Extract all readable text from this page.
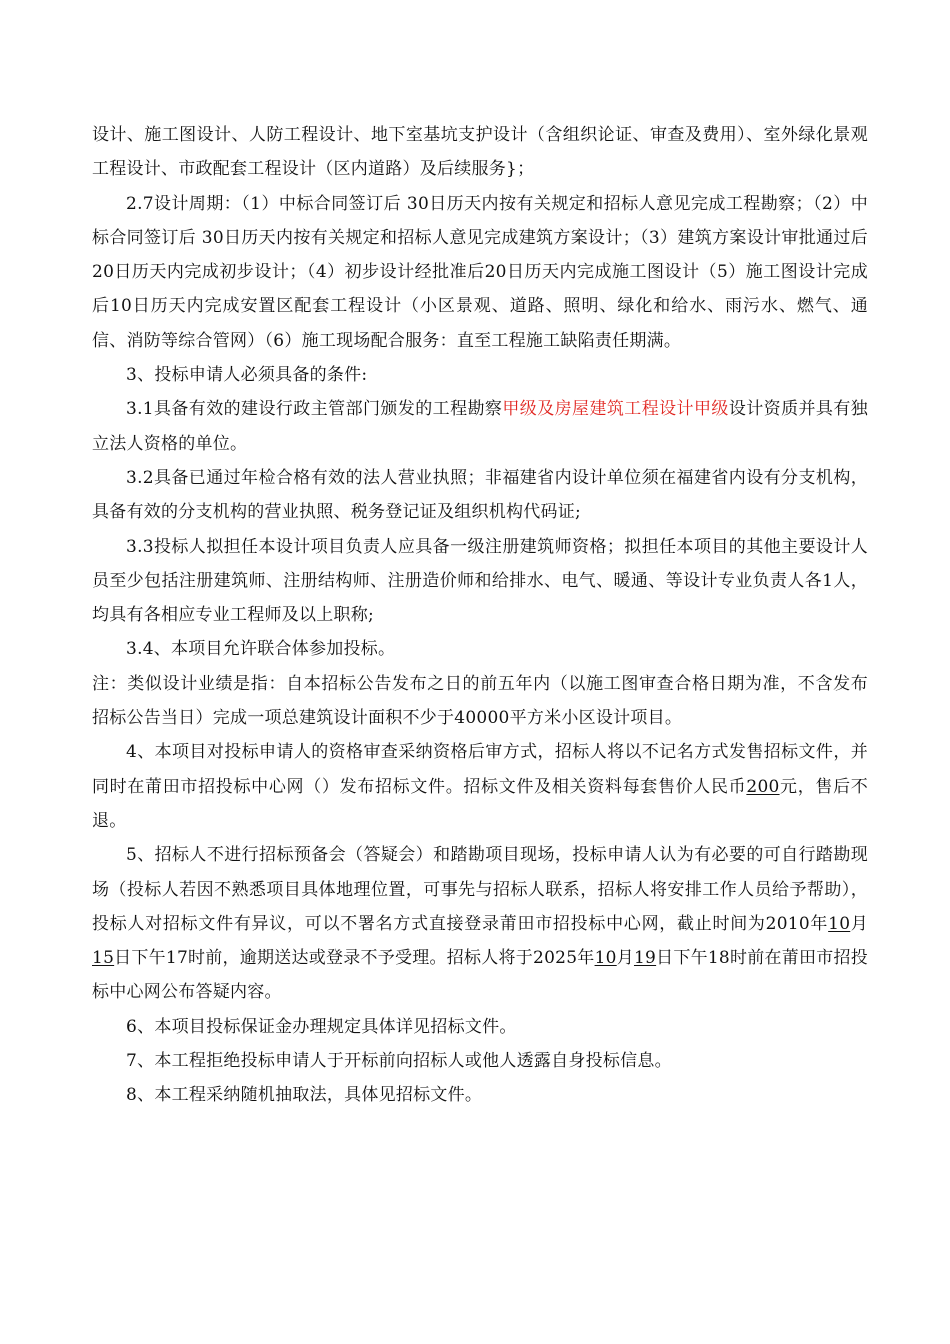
设计、施工图设计、人防工程设计、地下室基坑支护设计（含组织论证、审查及费用）、室外绿化景观工程设计、市政配套工程设计（区内道路）及后续服务}；

2.7设计周期：（1）中标合同签订后 30日历天内按有关规定和招标人意见完成工程勘察；（2）中标合同签订后 30日历天内按有关规定和招标人意见完成建筑方案设计；（3）建筑方案设计审批通过后20日历天内完成初步设计；（4）初步设计经批准后20日历天内完成施工图设计（5）施工图设计完成后10日历天内完成安置区配套工程设计（小区景观、道路、照明、绿化和给水、雨污水、燃气、通信、消防等综合管网）（6）施工现场配合服务：直至工程施工缺陷责任期满。

3、投标申请人必须具备的条件:

3.1具备有效的建设行政主管部门颁发的工程勘察甲级及房屋建筑工程设计甲级设计资质并具有独立法人资格的单位。

3.2具备已通过年检合格有效的法人营业执照；非福建省内设计单位须在福建省内设有分支机构，具备有效的分支机构的营业执照、税务登记证及组织机构代码证;

3.3投标人拟担任本设计项目负责人应具备一级注册建筑师资格；拟担任本项目的其他主要设计人员至少包括注册建筑师、注册结构师、注册造价师和给排水、电气、暖通、等设计专业负责人各1人，均具有各相应专业工程师及以上职称;

3.4、本项目允许联合体参加投标。

注：类似设计业绩是指：自本招标公告发布之日的前五年内（以施工图审查合格日期为准，不含发布招标公告当日）完成一项总建筑设计面积不少于40000平方米小区设计项目。

4、本项目对投标申请人的资格审查采纳资格后审方式，招标人将以不记名方式发售招标文件，并同时在莆田市招投标中心网（）发布招标文件。招标文件及相关资料每套售价人民币200元，售后不退。

5、招标人不进行招标预备会（答疑会）和踏勘项目现场，投标申请人认为有必要的可自行踏勘现场（投标人若因不熟悉项目具体地理位置，可事先与招标人联系，招标人将安排工作人员给予帮助），投标人对招标文件有异议，可以不署名方式直接登录莆田市招投标中心网，截止时间为2010年10月15日下午17时前，逾期送达或登录不予受理。招标人将于2025年10月19日下午18时前在莆田市招投标中心网公布答疑内容。

6、本项目投标保证金办理规定具体详见招标文件。

7、本工程拒绝投标申请人于开标前向招标人或他人透露自身投标信息。

8、本工程采纳随机抽取法，具体见招标文件。
